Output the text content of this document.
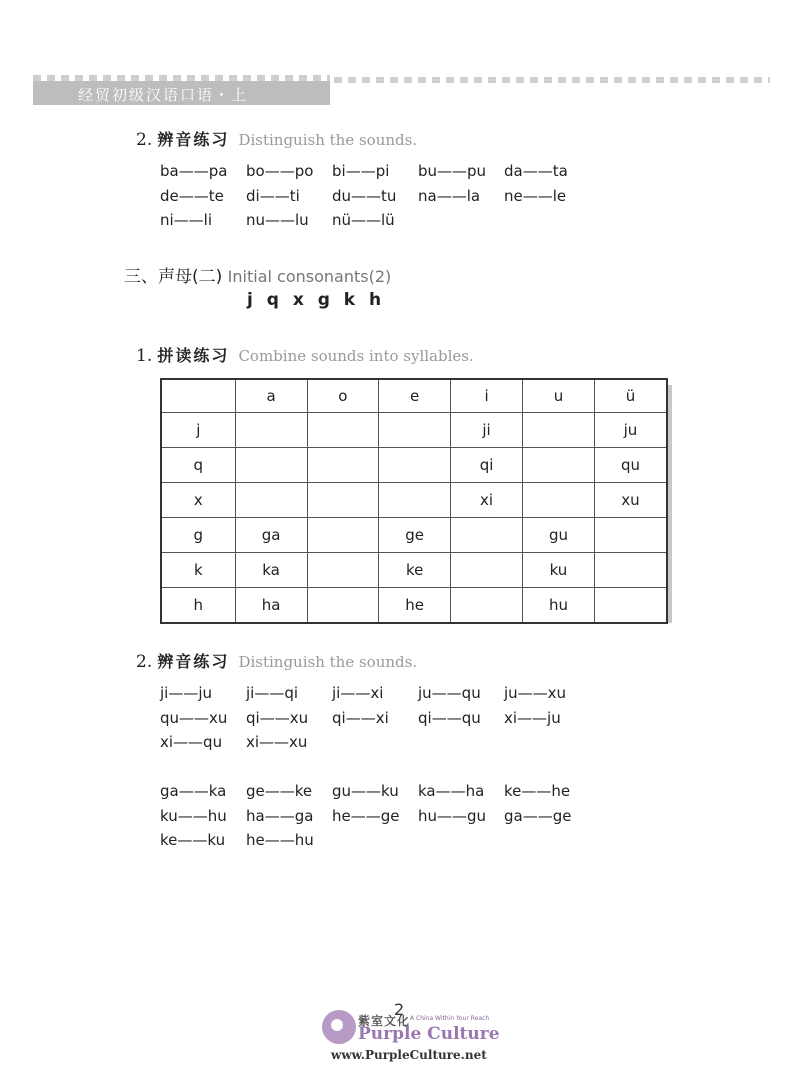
经贸初级汉语口语・上
2. 辨音练习 Distinguish the sounds.
ba——pa	bo——po	bi——pi	bu——pu	da——ta
de——te	di——ti	du——tu	na——la	ne——le
ni——li	nu——lu	nü——lü
三、声母(二) Initial consonants(2)
j q x g k h
1. 拼读练习 Combine sounds into syllables.
	a	o	e	i	u	ü
j				ji		ju
q				qi		qu
x				xi		xu
g	ga		ge		gu	
k	ka		ke		ku	
h	ha		he		hu	
2. 辨音练习 Distinguish the sounds.
ji——ju	ji——qi	ji——xi	ju——qu	ju——xu
qu——xu	qi——xu	qi——xi	qi——qu	xi——ju
xi——qu	xi——xu
ga——ka	ge——ke	gu——ku	ka——ha	ke——he
ku——hu	ha——ga	he——ge	hu——gu	ga——ge
ke——ku	he——hu
2
紫室文化 A China Within Your Reach
Purple Culture
www.PurpleCulture.net
